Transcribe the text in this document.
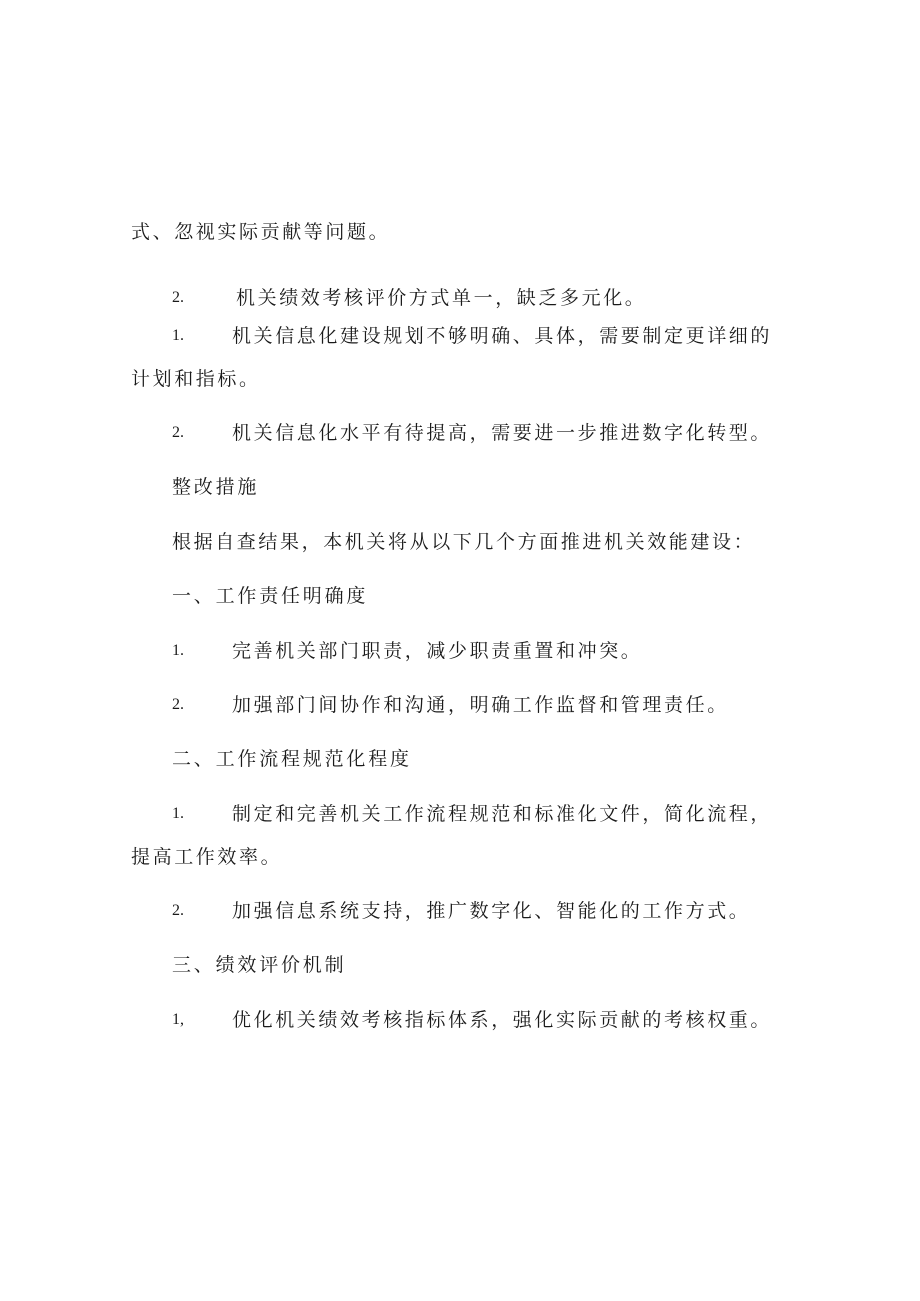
式、忽视实际贡献等问题。
2.	机关绩效考核评价方式单一，缺乏多元化。
1.	机关信息化建设规划不够明确、具体，需要制定更详细的
计划和指标。
2.	机关信息化水平有待提高，需要进一步推进数字化转型。
整改措施
根据自查结果，本机关将从以下几个方面推进机关效能建设：
一、工作责任明确度
1.	完善机关部门职责，减少职责重置和冲突。
2.	加强部门间协作和沟通，明确工作监督和管理责任。
二、工作流程规范化程度
1.	制定和完善机关工作流程规范和标准化文件，简化流程，
提高工作效率。
2.	加强信息系统支持，推广数字化、智能化的工作方式。
三、绩效评价机制
1,	优化机关绩效考核指标体系，强化实际贡献的考核权重。
